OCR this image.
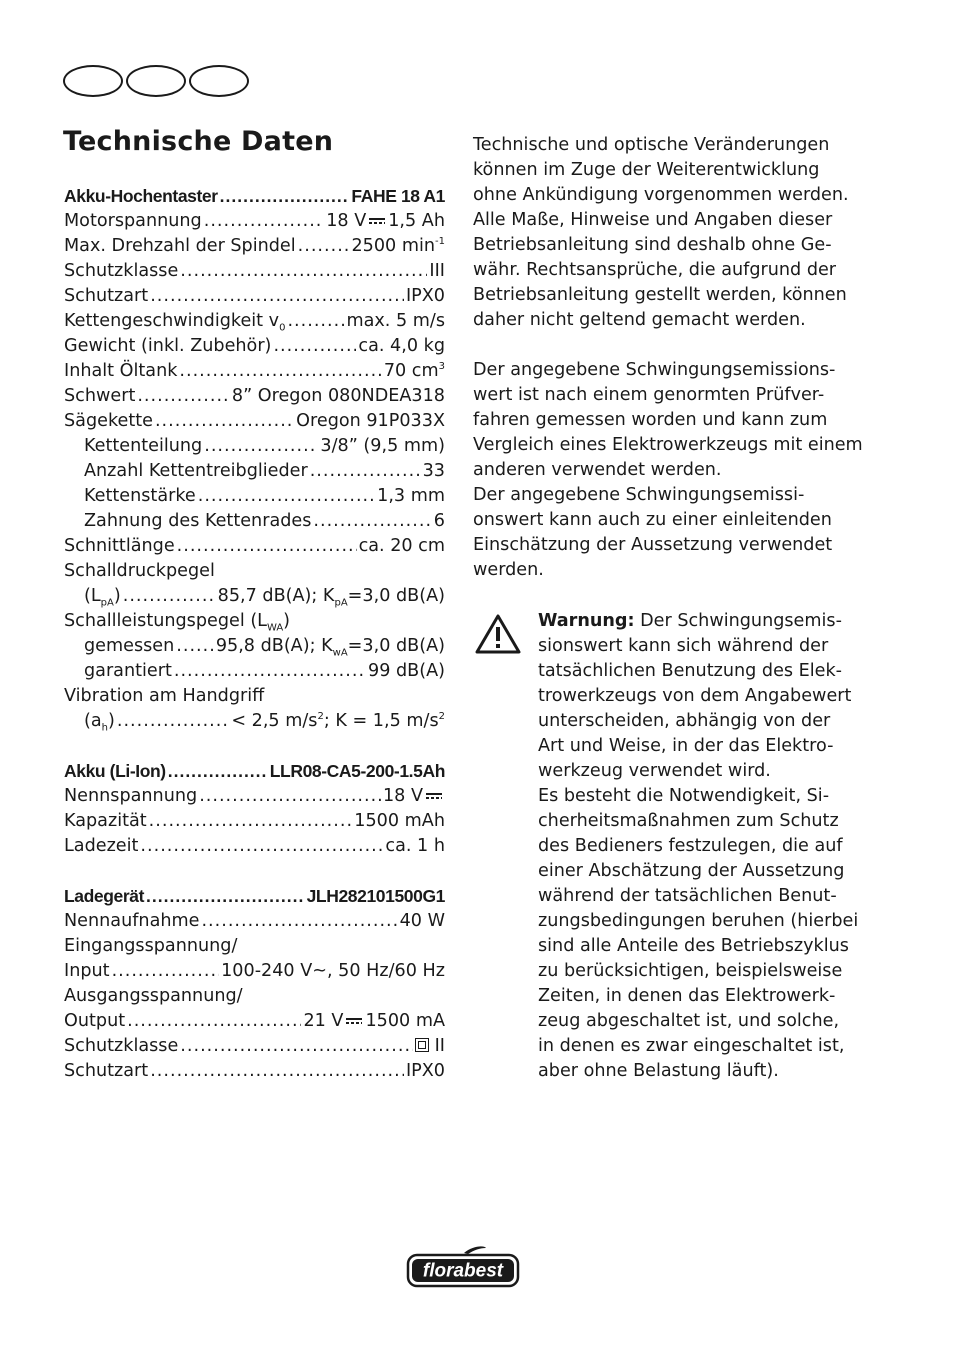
Technische Daten
Akku-Hochentaster .....	FAHE 18 A1
Motorspannung .....	18 V 1,5 Ah
Max. Drehzahl der Spindel .....	2500 $\min^{-1}$
Schutzklasse .....	III
Schutzart .....	IPX0
Kettengeschwindigkeit $v_0$ .....	max. 5 m/s
Gewicht (inkl. Zubehör) .....	ca. 4,0 kg
Inhalt Öltank .....	70 $cm^3$
Schwert .....	8” Oregon 080NDEA318
Sägekette .....	Oregon 91P033X
Kettenteilung .....	3/8” (9,5 mm)
Anzahl Kettentreibglieder .....	33
Kettenstärke .....	1,3 mm
Zahnung des Kettenrades .....	6
Schnittlänge .....	ca. 20 cm
Schalldruckpegel
$(L_{pA})$ .....	85,7 dB(A); $K_{pA}=3,0$ dB(A)
Schallleistungspegel $(L_{WA})$
gemessen ..... 95,8 dB(A); $K_{wA}=3,0$ dB(A)
garantiert .....	99 dB(A)
Vibration am Handgriff
$(a_h)$ .....	< 2,5 $m/s^2$; K = 1,5 $m/s^2$
Akku (Li-Ion) .....	LLR08-CA5-200-1.5Ah
Nennspannung .....	18 V
Kapazität .....	1500 mAh
Ladezeit .....	ca. 1 h
Ladegerät .....	JLH282101500G1
Nennaufnahme .....	40 W
Eingangsspannung/
Input .....	100-240 V~, 50 Hz/60 Hz
Ausgangsspannung/
Output .....	21 V 1500 mA
Schutzklasse .....	II
Schutzart .....	IPX0
Technische und optische Veränderungen
können im Zuge der Weiterentwicklung
ohne Ankündigung vorgenommen werden.
Alle Maße, Hinweise und Angaben dieser
Betriebsanleitung sind deshalb ohne Ge-
währ. Rechtsansprüche, die aufgrund der
Betriebsanleitung gestellt werden, können
daher nicht geltend gemacht werden.
Der angegebene Schwingungsemissions-
wert ist nach einem genormten Prüfver-
fahren gemessen worden und kann zum
Vergleich eines Elektrowerkzeugs mit einem
anderen verwendet werden.
Der angegebene Schwingungsemissi-
onswert kann auch zu einer einleitenden
Einschätzung der Aussetzung verwendet
werden.
Warnung: Der Schwingungsemis-
sionswert kann sich während der
tatsächlichen Benutzung des Elek-
trowerkzeugs von dem Angabewert
unterscheiden, abhängig von der
Art und Weise, in der das Elektro-
werkzeug verwendet wird.
Es besteht die Notwendigkeit, Si-
cherheitsmaßnahmen zum Schutz
des Bedieners festzulegen, die auf
einer Abschätzung der Aussetzung
während der tatsächlichen Benut-
zungsbedingungen beruhen (hierbei
sind alle Anteile des Betriebszyklus
zu berücksichtigen, beispielsweise
Zeiten, in denen das Elektrowerk-
zeug abgeschaltet ist, und solche,
in denen es zwar eingeschaltet ist,
aber ohne Belastung läuft).
florabest
